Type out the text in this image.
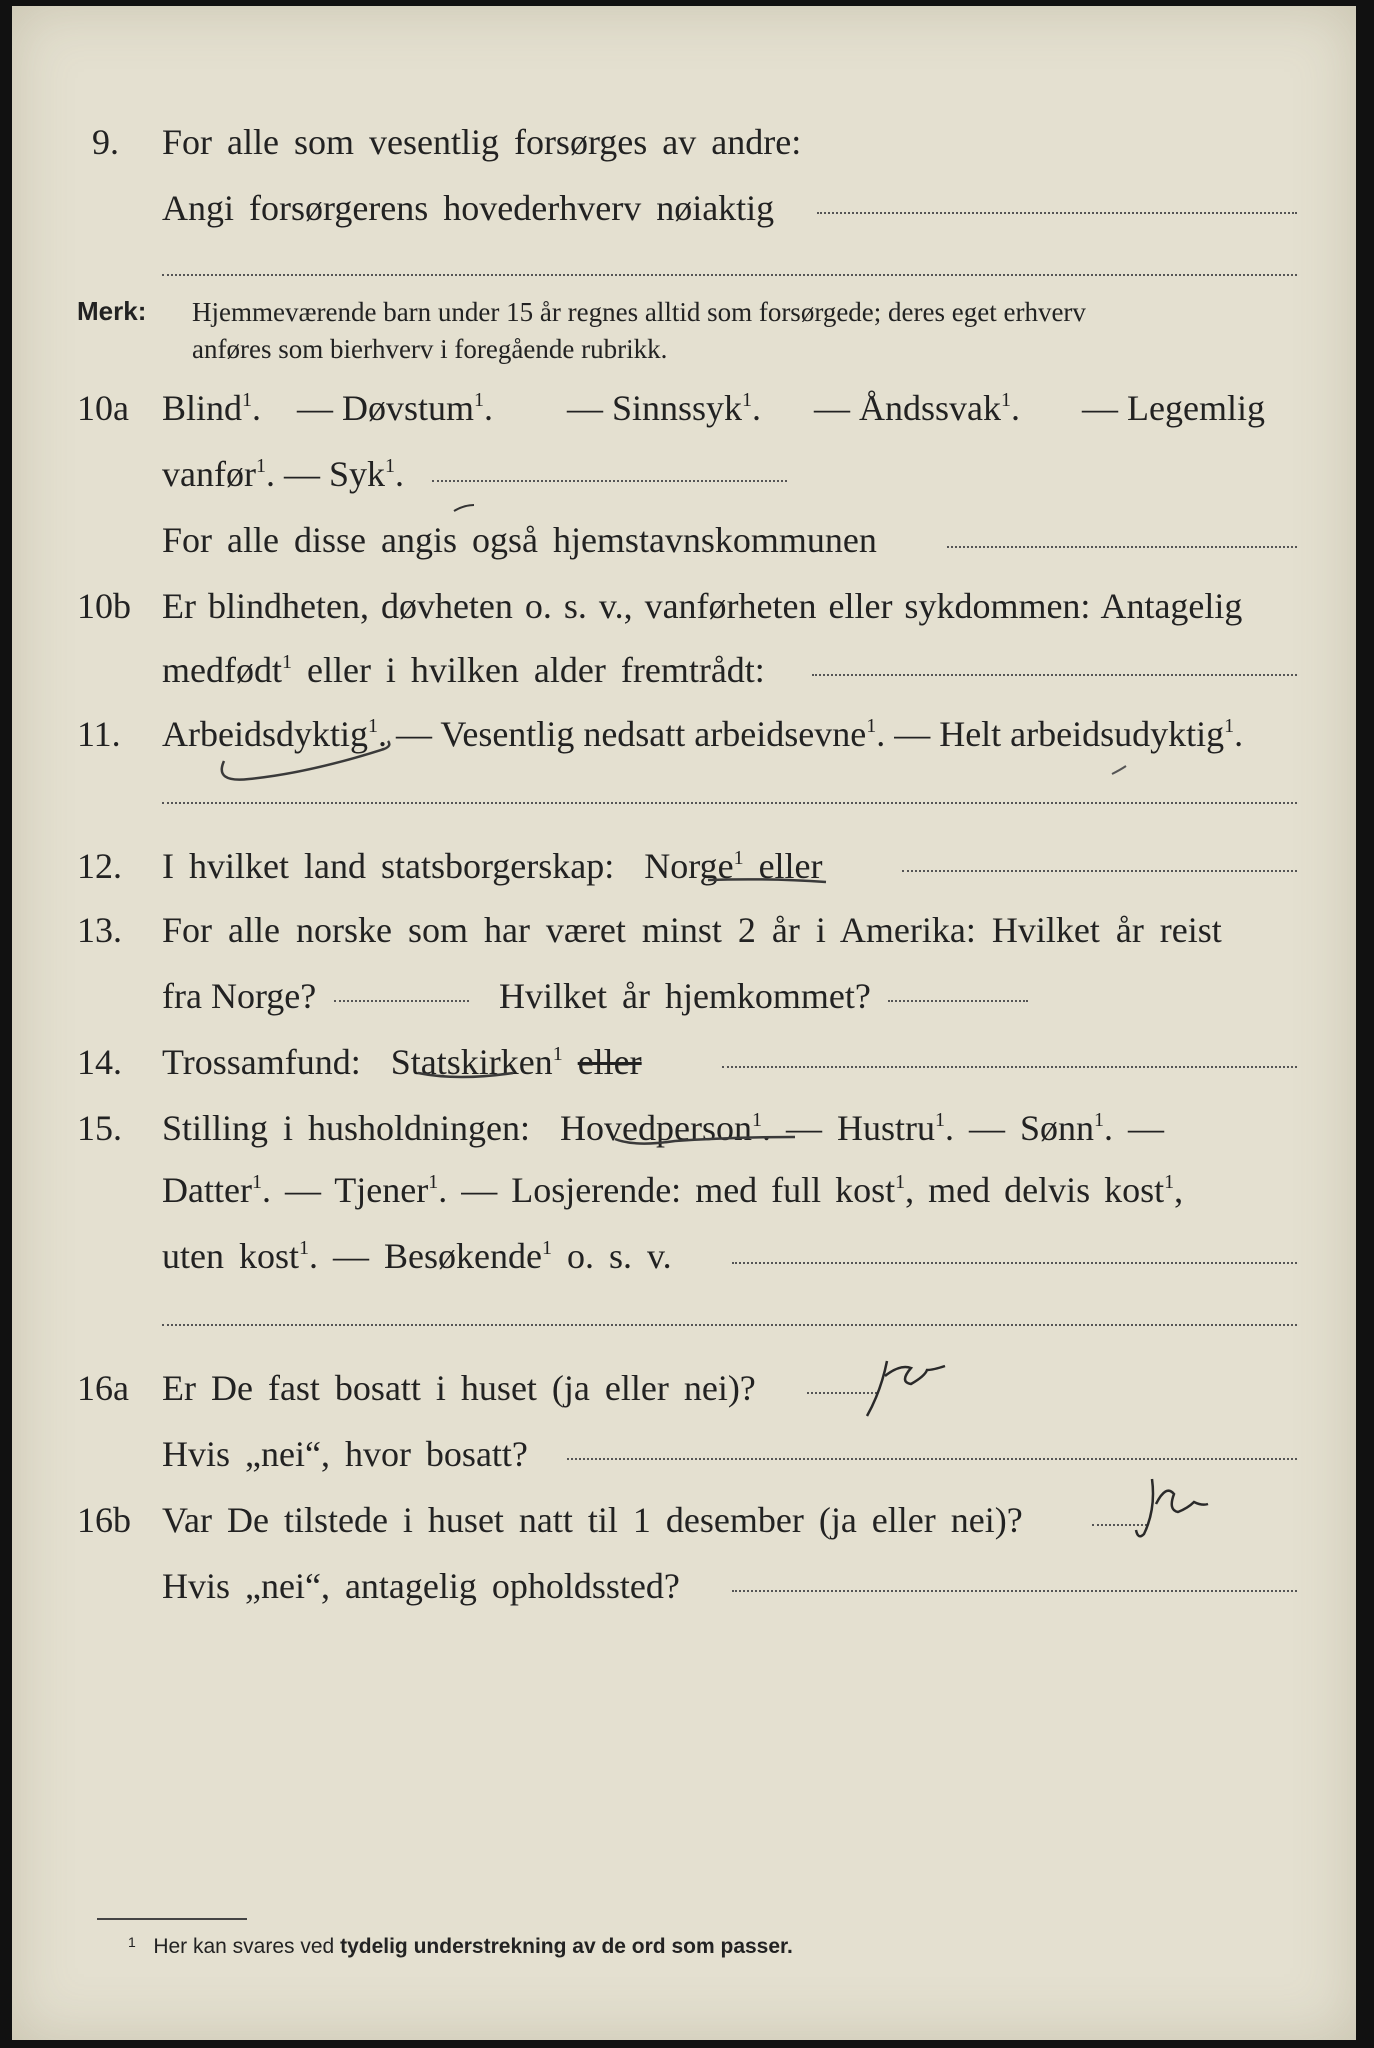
9. For alle som vesentlig forsørges av andre:
Angi forsørgerens hovederhverv nøiaktig
Merk: Hjemmeværende barn under 15 år regnes alltid som forsørgede; deres eget erhverv
anføres som bierhverv i foregående rubrikk.
10a Blind$^1$. — Døvstum$^1$. — Sinnssyk$^1$. — Åndssvak$^1$. — Legemlig
vanfør$^1$. — Syk$^1$.
For alle disse angis også hjemstavnskommunen
10b Er blindheten, døvheten o. s. v., vanførheten eller sykdommen: Antagelig
medfødt$^1$ eller i hvilken alder fremtrådt:
11. Arbeidsdyktig$^1$. — Vesentlig nedsatt arbeidsevne$^1$. — Helt arbeidsudyktig$^1$.
12. I hvilket land statsborgerskap: Norge$^1$ eller
13. For alle norske som har været minst 2 år i Amerika: Hvilket år reist
fra Norge?	Hvilket år hjemkommet?
14. Trossamfund: Statskirken$^1$ eller
15. Stilling i husholdningen: Hovedperson$^1$. — Hustru$^1$. — Sønn$^1$. —
Datter$^1$. — Tjener$^1$. — Losjerende: med full kost$^1$, med delvis kost$^1$,
uten kost$^1$. — Besøkende$^1$ o. s. v.
16a Er De fast bosatt i huset (ja eller nei)?
Hvis „nei“, hvor bosatt?
16b Var De tilstede i huset natt til 1 desember (ja eller nei)?
Hvis „nei“, antagelig opholdssted?
$^1$ Her kan svares ved tydelig understrekning av de ord som passer.
